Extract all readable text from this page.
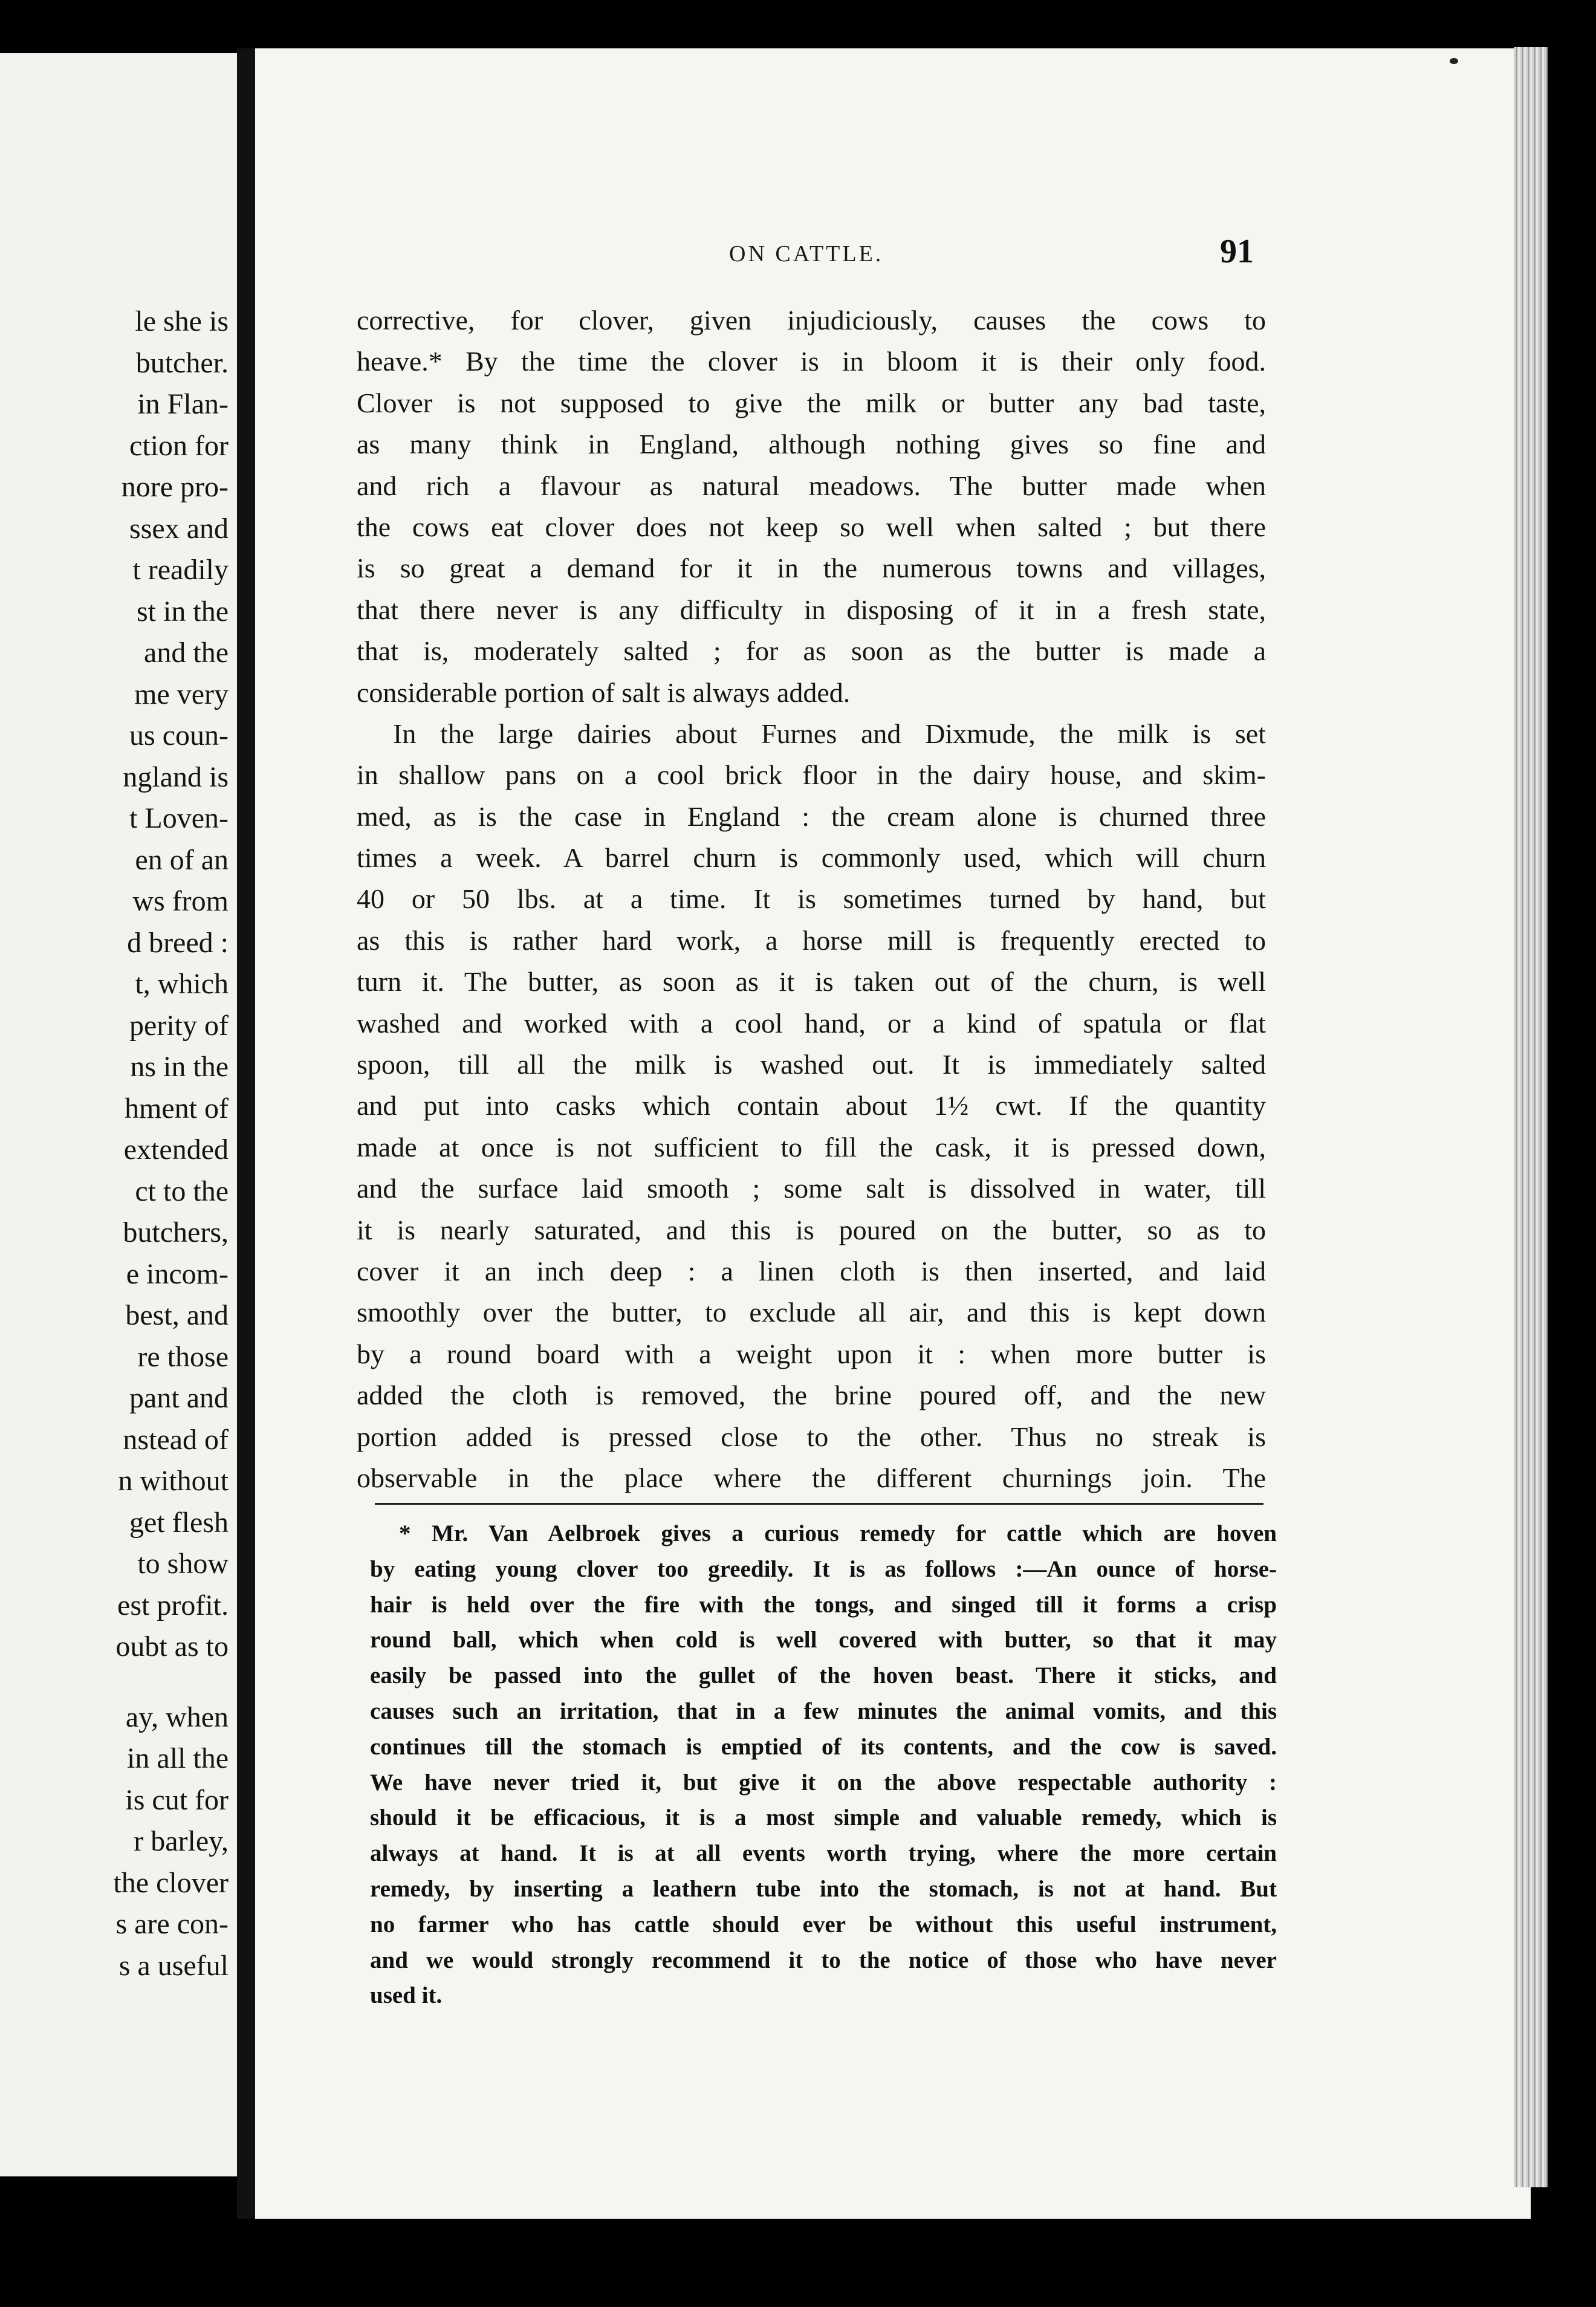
le she is
butcher.
in Flan-
ction for
nore pro-
ssex and
t readily
st in the
and the
me very
us coun-
ngland is
t Loven-
en of an
ws from
d breed :
t, which
perity of
ns in the
hment of
extended
ct to the
butchers,
e incom-
best, and
re those
pant and
nstead of
n without
get flesh
to show
est profit.
oubt as to
ay, when
in all the
is cut for
r barley,
the clover
s are con-
s a useful
ON CATTLE.	91
corrective, for clover, given injudiciously, causes the cows to
heave.* By the time the clover is in bloom it is their only food.
Clover is not supposed to give the milk or butter any bad taste,
as many think in England, although nothing gives so fine and
and rich a flavour as natural meadows. The butter made when
the cows eat clover does not keep so well when salted ; but there
is so great a demand for it in the numerous towns and villages,
that there never is any difficulty in disposing of it in a fresh state,
that is, moderately salted ; for as soon as the butter is made a
considerable portion of salt is always added.
In the large dairies about Furnes and Dixmude, the milk is set
in shallow pans on a cool brick floor in the dairy house, and skim-
med, as is the case in England : the cream alone is churned three
times a week. A barrel churn is commonly used, which will churn
40 or 50 lbs. at a time. It is sometimes turned by hand, but
as this is rather hard work, a horse mill is frequently erected to
turn it. The butter, as soon as it is taken out of the churn, is well
washed and worked with a cool hand, or a kind of spatula or flat
spoon, till all the milk is washed out. It is immediately salted
and put into casks which contain about 1½ cwt. If the quantity
made at once is not sufficient to fill the cask, it is pressed down,
and the surface laid smooth ; some salt is dissolved in water, till
it is nearly saturated, and this is poured on the butter, so as to
cover it an inch deep : a linen cloth is then inserted, and laid
smoothly over the butter, to exclude all air, and this is kept down
by a round board with a weight upon it : when more butter is
added the cloth is removed, the brine poured off, and the new
portion added is pressed close to the other. Thus no streak is
observable in the place where the different churnings join. The
* Mr. Van Aelbroek gives a curious remedy for cattle which are hoven
by eating young clover too greedily. It is as follows :—An ounce of horse-
hair is held over the fire with the tongs, and singed till it forms a crisp
round ball, which when cold is well covered with butter, so that it may
easily be passed into the gullet of the hoven beast. There it sticks, and
causes such an irritation, that in a few minutes the animal vomits, and this
continues till the stomach is emptied of its contents, and the cow is saved.
We have never tried it, but give it on the above respectable authority :
should it be efficacious, it is a most simple and valuable remedy, which is
always at hand. It is at all events worth trying, where the more certain
remedy, by inserting a leathern tube into the stomach, is not at hand. But
no farmer who has cattle should ever be without this useful instrument,
and we would strongly recommend it to the notice of those who have never
used it.
